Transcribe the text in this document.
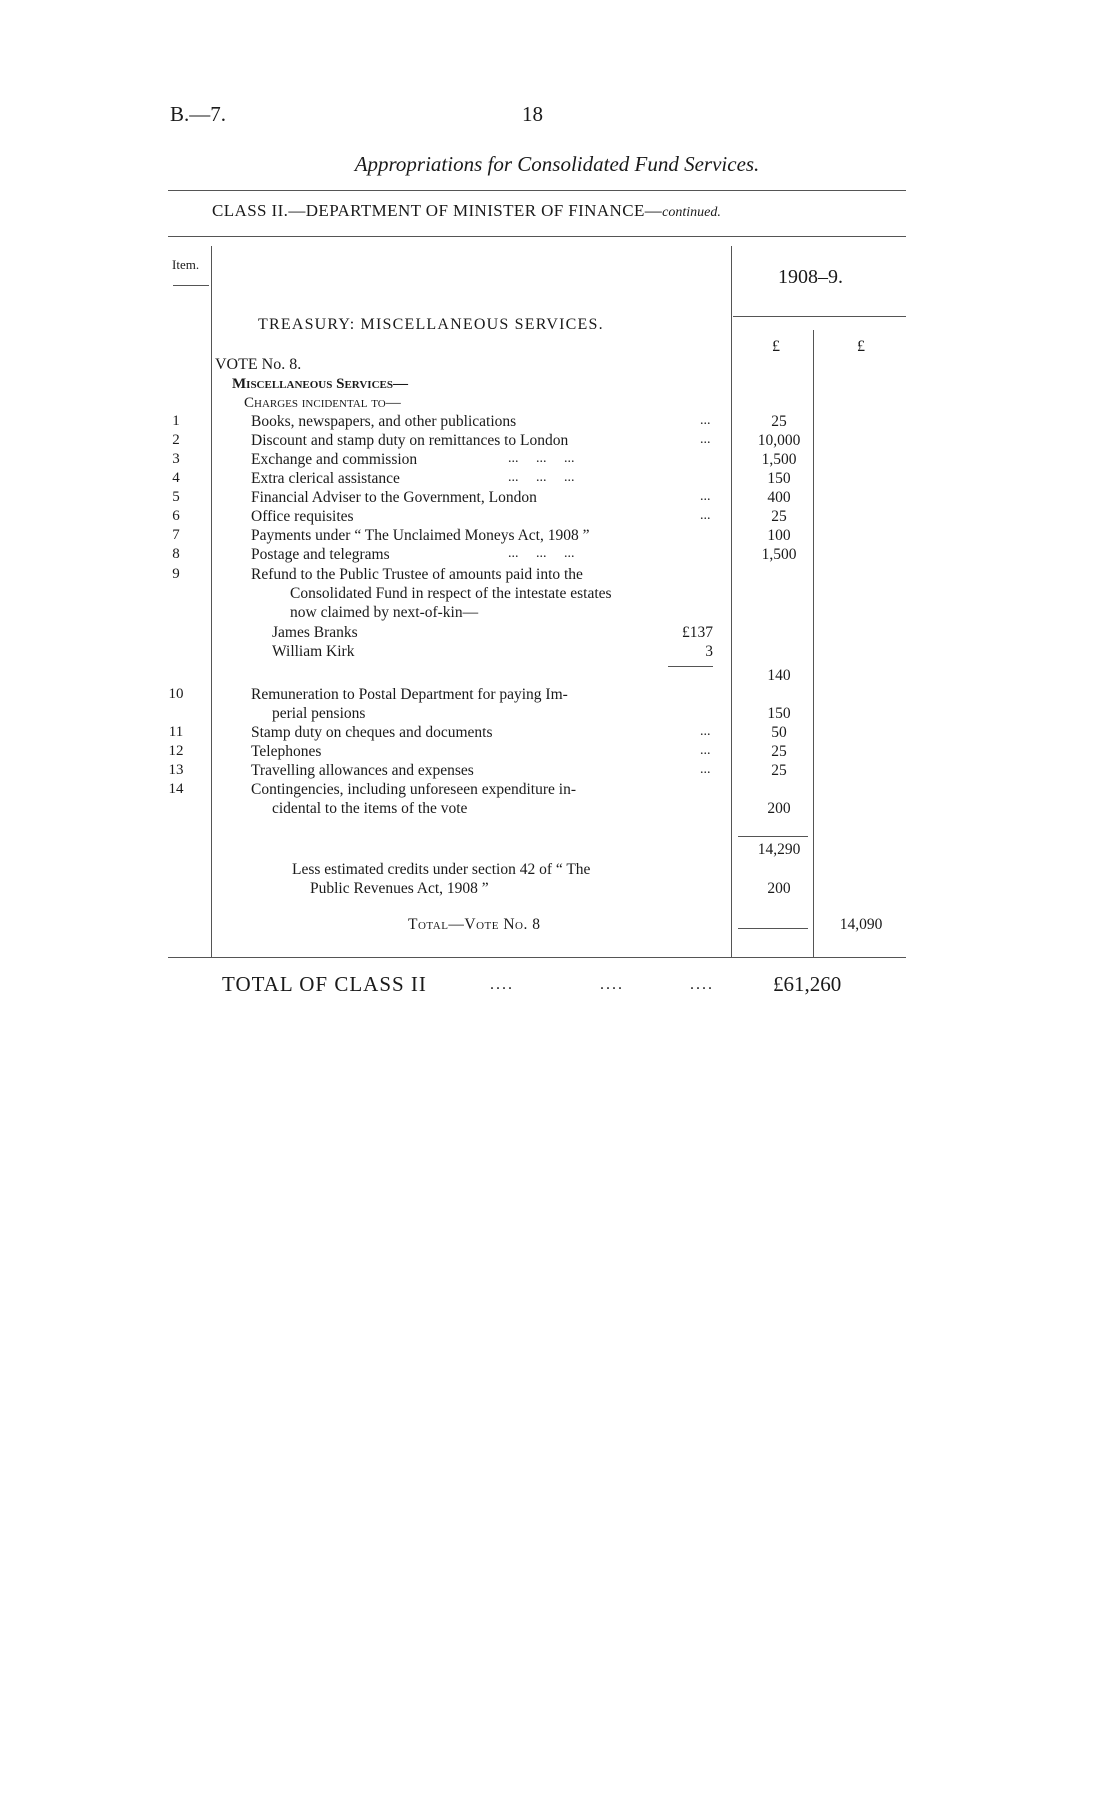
B.—7.	18
Appropriations for Consolidated Fund Services.
CLASS II.—DEPARTMENT OF MINISTER OF FINANCE—continued.
Item.
1908–9.
TREASURY: MISCELLANEOUS SERVICES.
£	£
VOTE No. 8.
Miscellaneous Services—
Charges incidental to—
1	Books, newspapers, and other publications	...	25
2	Discount and stamp duty on remittances to London	...	10,000
3	Exchange and commission	...     ...     ...	1,500
4	Extra clerical assistance	...     ...     ...	150
5	Financial Adviser to the Government, London	...	400
6	Office requisites	...	25
7	Payments under “ The Unclaimed Moneys Act, 1908 ”	100
8	Postage and telegrams	...     ...     ...	1,500
9	Refund to the Public Trustee of amounts paid into the
Consolidated Fund in respect of the intestate estates
now claimed by next-of-kin—
James Branks	£137
William Kirk	3
140
10	Remuneration to Postal Department for paying Im-
perial pensions	150
11	Stamp duty on cheques and documents	...	50
12	Telephones	...	25
13	Travelling allowances and expenses	...	25
14	Contingencies, including unforeseen expenditure in-
cidental to the items of the vote	200
14,290
Less estimated credits under section 42 of “ The
Public Revenues Act, 1908 ”	200
Total—Vote No. 8	14,090
TOTAL OF CLASS II	....	....	....	£61,260
